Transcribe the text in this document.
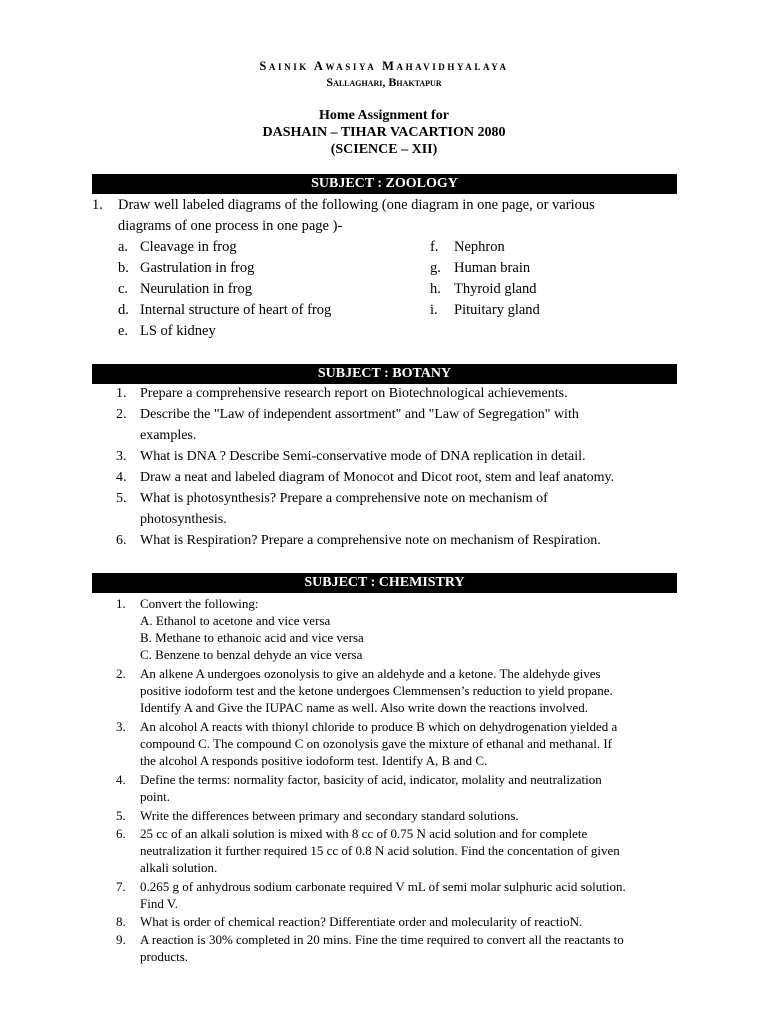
Sainik Awasiya Mahavidhyalaya
Sallaghari, Bhaktapur
Home Assignment for
DASHAIN – TIHAR VACARTION 2080
(SCIENCE – XII)
SUBJECT : ZOOLOGY
1. Draw well labeled diagrams of the following (one diagram in one page, or various
diagrams of one process in one page )-
a. Cleavage in frog
b. Gastrulation in frog
c. Neurulation in frog
d. Internal structure of heart of frog
e. LS of kidney
f. Nephron
g. Human brain
h. Thyroid gland
i. Pituitary gland
SUBJECT : BOTANY
1. Prepare a comprehensive research report on Biotechnological achievements.
2. Describe the "Law of independent assortment" and "Law of Segregation" with
examples.
3. What is DNA ? Describe Semi-conservative mode of DNA replication in detail.
4. Draw a neat and labeled diagram of Monocot and Dicot root, stem and leaf anatomy.
5. What is photosynthesis? Prepare a comprehensive note on mechanism of
photosynthesis.
6. What is Respiration? Prepare a comprehensive note on mechanism of Respiration.
SUBJECT : CHEMISTRY
1. Convert the following:
A. Ethanol to acetone and vice versa
B. Methane to ethanoic acid and vice versa
C. Benzene to benzal dehyde an vice versa
2. An alkene A undergoes ozonolysis to give an aldehyde and a ketone. The aldehyde gives
positive iodoform test and the ketone undergoes Clemmensen’s reduction to yield propane.
Identify A and Give the IUPAC name as well. Also write down the reactions involved.
3. An alcohol A reacts with thionyl chloride to produce B which on dehydrogenation yielded a
compound C. The compound C on ozonolysis gave the mixture of ethanal and methanal. If
the alcohol A responds positive iodoform test. Identify A, B and C.
4. Define the terms: normality factor, basicity of acid, indicator, molality and neutralization
point.
5. Write the differences between primary and secondary standard solutions.
6. 25 cc of an alkali solution is mixed with 8 cc of 0.75 N acid solution and for complete
neutralization it further required 15 cc of 0.8 N acid solution. Find the concentation of given
alkali solution.
7. 0.265 g of anhydrous sodium carbonate required V mL of semi molar sulphuric acid solution.
Find V.
8. What is order of chemical reaction? Differentiate order and molecularity of reactioN.
9. A reaction is 30% completed in 20 mins. Fine the time required to convert all the reactants to
products.
